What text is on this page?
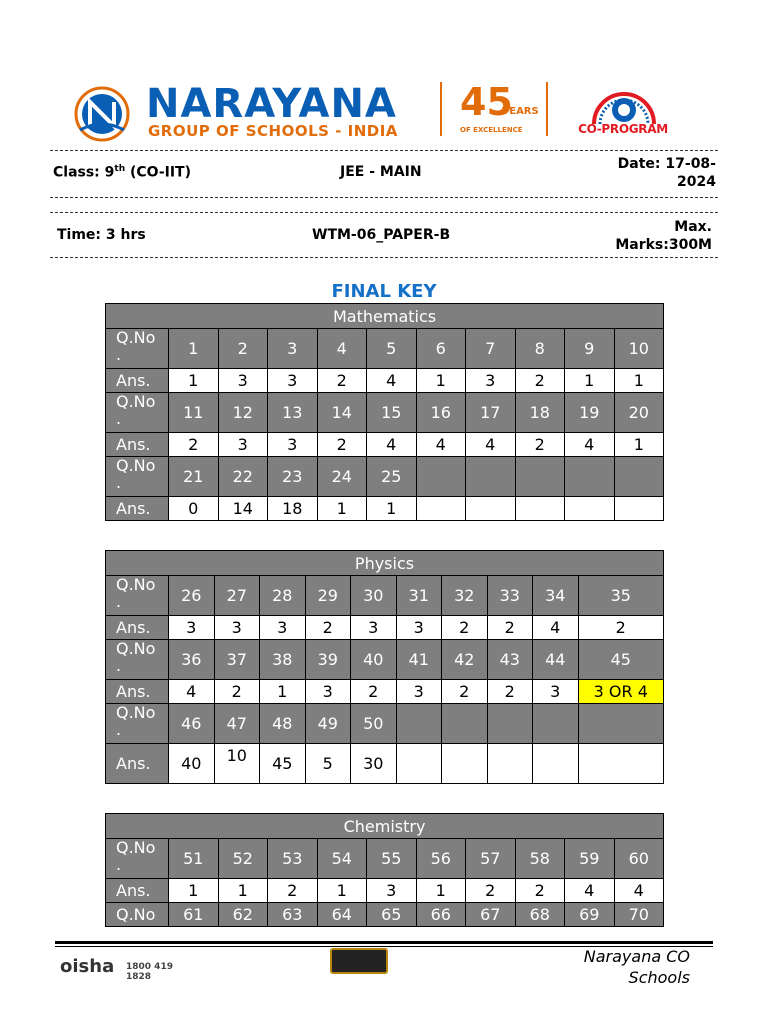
NARAYANA
GROUP OF SCHOOLS - INDIA
45
YEARS
OF EXCELLENCE	CO-PROGRAM
Class: 9th (CO-IIT)	JEE - MAIN	Date: 17-08-
2024
Time: 3 hrs	WTM-06_PAPER-B	Max.
Marks:300M
FINAL KEY
Mathematics										

Q.No
.	1	2	3	4	5	6	7	8	9	10
Ans.	1	3	3	2	4	1	3	2	1	1

Q.No
.	11	12	13	14	15	16	17	18	19	20
Ans.	2	3	3	2	4	4	4	2	4	1

Q.No
.	21	22	23	24	25					
Ans.	0	14	18	1	1					
Physics										

Q.No
.	26	27	28	29	30	31	32	33	34	35
Ans.	3	3	3	2	3	3	2	2	4	2

Q.No
.	36	37	38	39	40	41	42	43	44	45
Ans.	4	2	1	3	2	3	2	2	3	3 OR 4

Q.No
.	46	47	48	49	50					
Ans.	40	10	45	5	30					
Chemistry										

Q.No
.	51	52	53	54	55	56	57	58	59	60
Ans.	1	1	2	1	3	1	2	2	4	4
Q.No	61	62	63	64	65	66	67	68	69	70
oisha 1800 419 1828
Narayana CO
Schools
